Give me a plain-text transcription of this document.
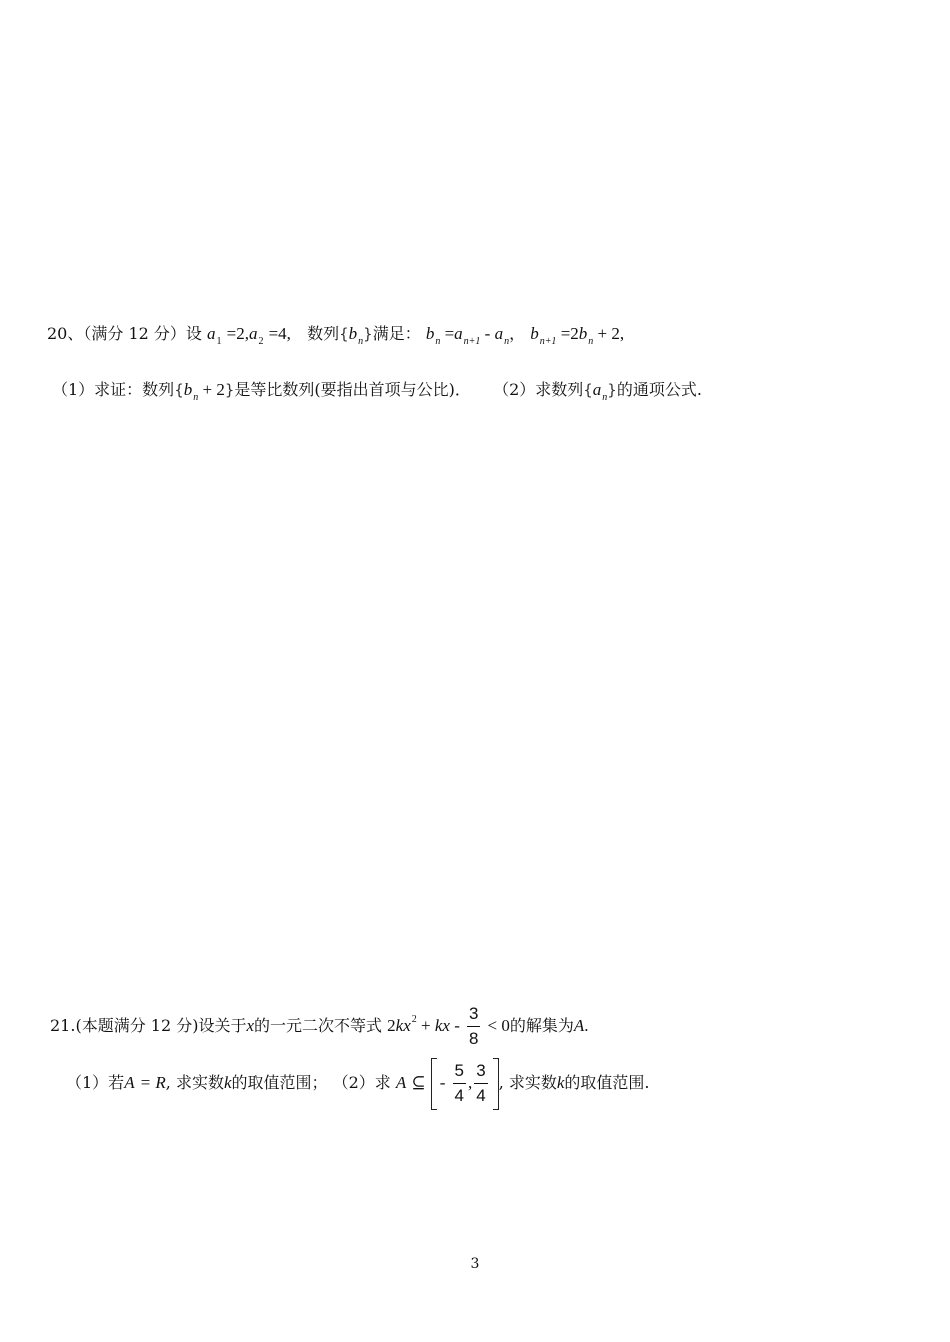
20、（满分 12 分）设 $a_1 =2,a_2 =4$, 数列$\{b_n\}$满足： $b_n =a_{n+1} - a_n$， $b_{n+1} =2b_n + 2$,
（1）求证：数列$\{b_n + 2\}$是等比数列(要指出首项与公比)． （2）求数列$\{a_n\}$的通项公式.
21.(本题满分 12 分)设关于x的一元二次不等式 $2kx^2$ + kx - $\frac{3}{8} < 0$的解集为A.
（1）若A = R, 求实数k的取值范围； （2）求 A ⊆ - $\frac{5}{4}$ , $\frac{3}{4}$ , 求实数k的取值范围.
3
